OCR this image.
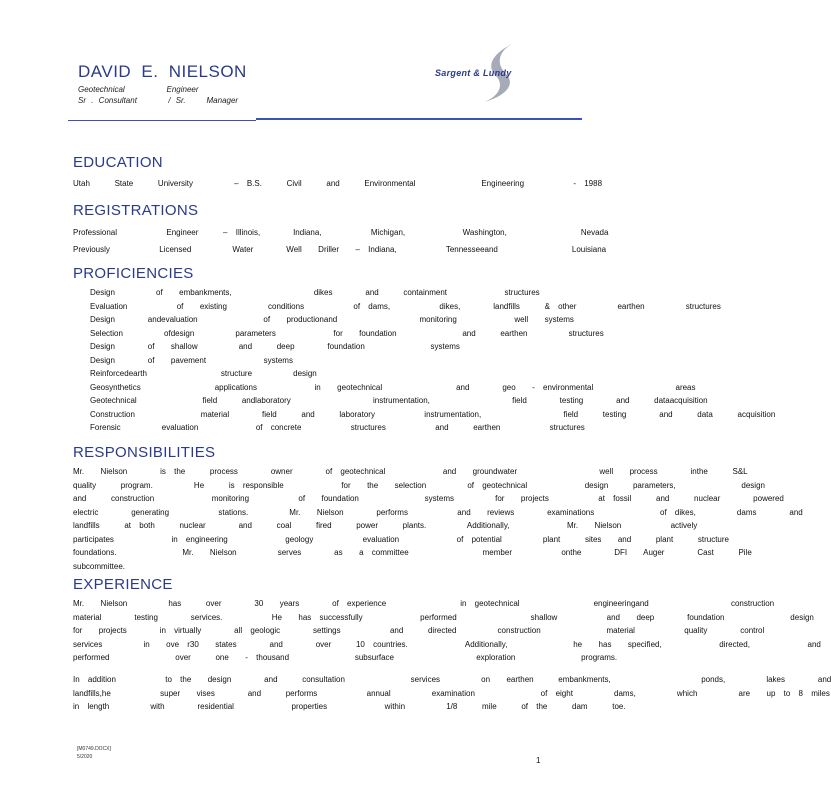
DAVID E. NIELSON
Geotechnical        Engineer
Sr . Consultant      / Sr.    Manager
Sargent & Lundy
EDUCATION
Utah   State   University     – B.S.   Civil   and   Environmental        Engineering      - 1988
REGISTRATIONS
Professional      Engineer   – Illinois,    Indiana,      Michigan,       Washington,         Nevada
Previously      Licensed     Water    Well  Driller  – Indiana,      Tennesseeand         Louisiana
PROFICIENCIES
Design     of  embankments,          dikes    and   containment       structures
Evaluation      of  existing     conditions      of dams,      dikes,    landfills   & other     earthen     structures
Design    andevaluation        of  productionand          monitoring       well  systems
Selection     ofdesign     parameters       for  foundation        and   earthen     structures
Design    of  shallow     and   deep    foundation        systems
Design    of  pavement       systems
Reinforcedearth         structure     design
Geosynthetics         applications       in  geotechnical         and    geo  - environmental          areas
Geotechnical        field   andlaboratory          instrumentation,          field    testing    and   dataacquisition
Construction        material    field   and   laboratory      instrumentation,          field   testing    and   data   acquisition
Forensic     evaluation       of concrete      structures      and   earthen      structures
RESPONSIBILITIES
Mr.  Nielson    is the   process    owner    of geotechnical       and  groundwater          well  process    inthe   S&L
quality   program.     He   is responsible       for  the  selection     of geotechnical       design   parameters,        design
and   construction       monitoring      of  foundation        systems     for  projects      at fossil   and   nuclear    powered
electric    generating      stations.     Mr.  Nielson    performs      and  reviews    examinations        of dikes,     dams    and
landfills   at both   nuclear    and   coal   fired   power   plants.     Additionally,       Mr.  Nielson      actively
participates       in engineering       geology      evaluation       of potential     plant   sites  and   plant   structure
foundations.        Mr.  Nielson     serves    as  a committee         member      onthe    DFI  Auger    Cast   Pile
subcommittee.
EXPERIENCE
Mr.  Nielson     has   over    30  years    of experience         in geotechnical         engineeringand          construction
material    testing    services.      He  has successfully       performed         shallow      and  deep    foundation        design
for  projects    in virtually    all geologic    settings      and   directed     construction        material      quality    control
services     in  ove r30  states    and    over   10 countries.       Additionally,        he  has  specified,       directed,       and
performed        over   one  - thousand        subsurface          exploration        programs.
In addition      to the  design    and   consultation        services     on  earthen   embankments,           ponds,     lakes    and
landfills,he      super  vises    and   performs      annual     examination        of eight     dams,     which     are  up to 8 miles
in length     with    residential       properties       within     1/8   mile   of the   dam   toe.
[M0749.DOCX]
5/2020	1
